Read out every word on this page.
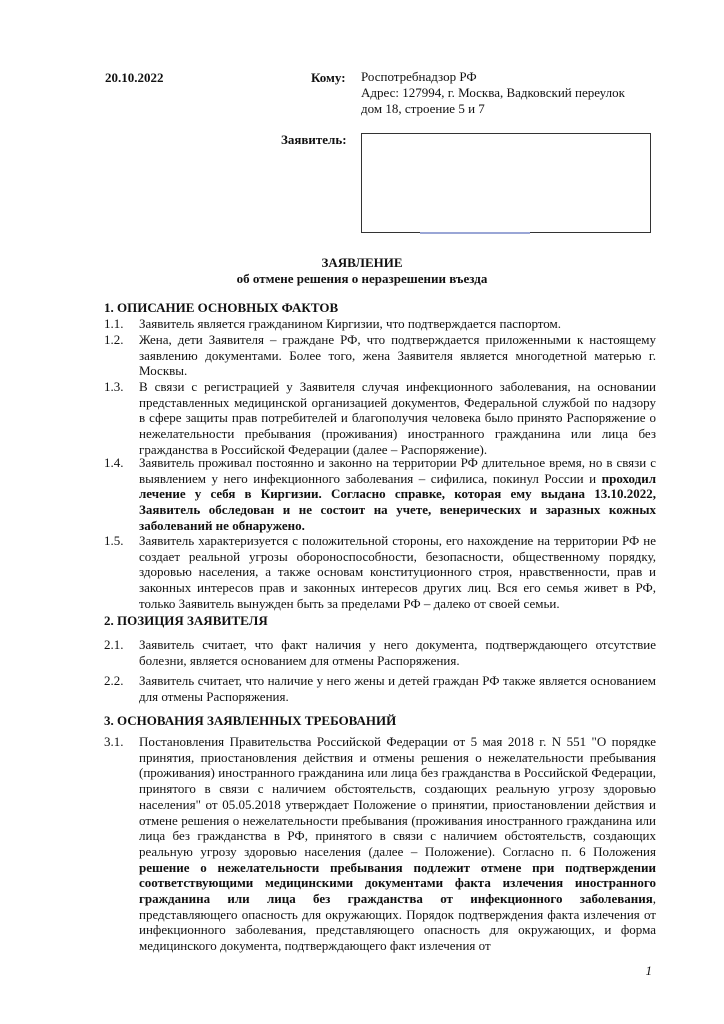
20.10.2022	Кому: Роспотребнадзор РФ
Адрес: 127994, г. Москва, Вадковский переулок
дом 18, строение 5 и 7
Заявитель:
ЗАЯВЛЕНИЕ
об отмене решения о неразрешении въезда
1. ОПИСАНИЕ ОСНОВНЫХ ФАКТОВ
1.1.	Заявитель является гражданином Киргизии, что подтверждается паспортом.
1.2.	Жена, дети Заявителя – граждане РФ, что подтверждается приложенными к настоящему заявлению документами. Более того, жена Заявителя является многодетной матерью г. Москвы.
1.3.	В связи с регистрацией у Заявителя случая инфекционного заболевания, на основании представленных медицинской организацией документов, Федеральной службой по надзору в сфере защиты прав потребителей и благополучия человека было принято Распоряжение о нежелательности пребывания (проживания) иностранного гражданина или лица без гражданства в Российской Федерации (далее – Распоряжение).
1.4.	Заявитель проживал постоянно и законно на территории РФ длительное время, но в связи с выявлением у него инфекционного заболевания – сифилиса, покинул России и проходил лечение у себя в Киргизии. Согласно справке, которая ему выдана 13.10.2022, Заявитель обследован и не состоит на учете, венерических и заразных кожных заболеваний не обнаружено.
1.5.	Заявитель характеризуется с положительной стороны, его нахождение на территории РФ не создает реальной угрозы обороноспособности, безопасности, общественному порядку, здоровью населения, а также основам конституционного строя, нравственности, прав и законных интересов прав и законных интересов других лиц. Вся его семья живет в РФ, только Заявитель вынужден быть за пределами РФ – далеко от своей семьи.
2. ПОЗИЦИЯ ЗАЯВИТЕЛЯ
2.1.	Заявитель считает, что факт наличия у него документа, подтверждающего отсутствие болезни, является основанием для отмены Распоряжения.
2.2.	Заявитель считает, что наличие у него жены и детей граждан РФ также является основанием для отмены Распоряжения.
3. ОСНОВАНИЯ ЗАЯВЛЕННЫХ ТРЕБОВАНИЙ
3.1.	Постановления Правительства Российской Федерации от 5 мая 2018 г. N 551 "О порядке принятия, приостановления действия и отмены решения о нежелательности пребывания (проживания) иностранного гражданина или лица без гражданства в Российской Федерации, принятого в связи с наличием обстоятельств, создающих реальную угрозу здоровью населения" от 05.05.2018 утверждает Положение о принятии, приостановлении действия и отмене решения о нежелательности пребывания (проживания иностранного гражданина или лица без гражданства в РФ, принятого в связи с наличием обстоятельств, создающих реальную угрозу здоровью населения (далее – Положение). Согласно п. 6 Положения решение о нежелательности пребывания подлежит отмене при подтверждении соответствующими медицинскими документами факта излечения иностранного гражданина или лица без гражданства от инфекционного заболевания, представляющего опасность для окружающих. Порядок подтверждения факта излечения от инфекционного заболевания, представляющего опасность для окружающих, и форма медицинского документа, подтверждающего факт излечения от
1
